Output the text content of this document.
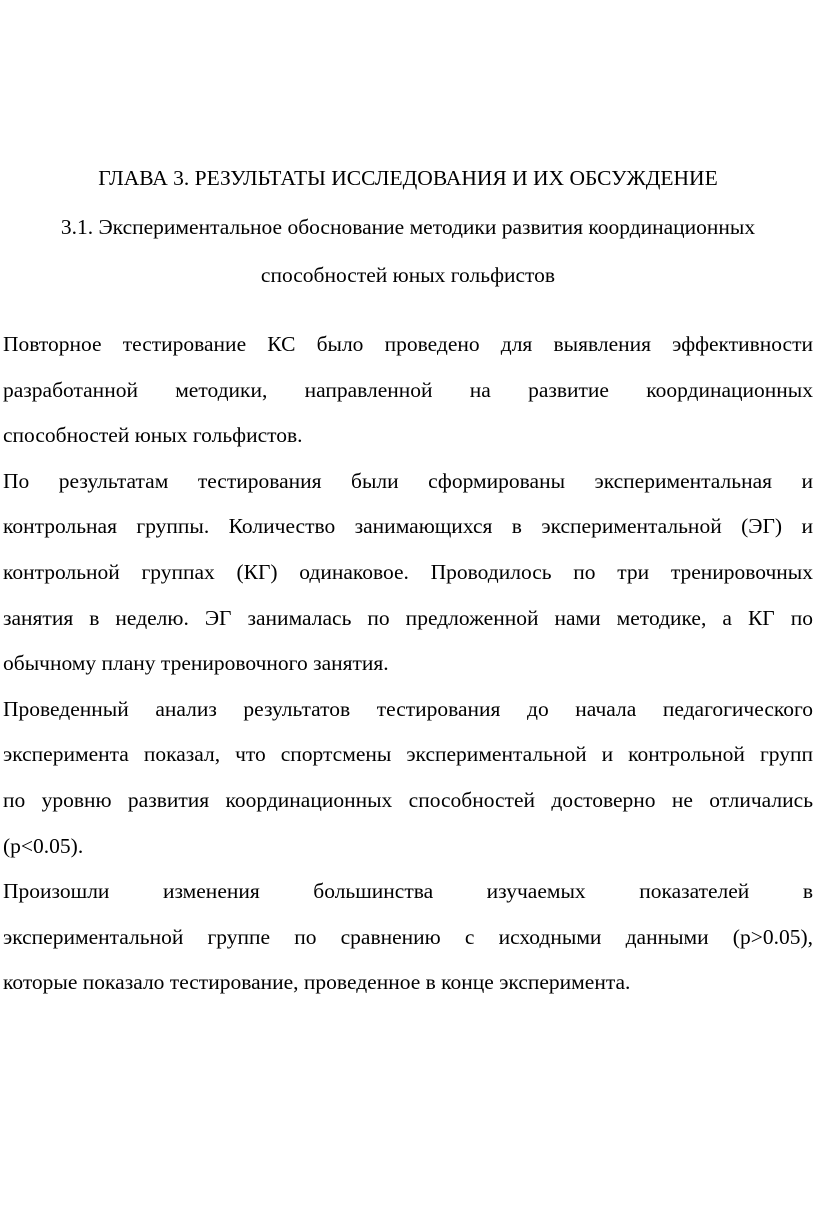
ГЛАВА 3. РЕЗУЛЬТАТЫ ИССЛЕДОВАНИЯ И ИХ ОБСУЖДЕНИЕ
3.1. Экспериментальное обоснование методики развития координационных
способностей юных гольфистов

Повторное тестирование КС было проведено для выявления эффективности
разработанной методики, направленной на развитие координационных
способностей юных гольфистов.

По результатам тестирования были сформированы экспериментальная и
контрольная группы. Количество занимающихся в экспериментальной (ЭГ) и
контрольной группах (КГ) одинаковое. Проводилось по три тренировочных
занятия в неделю. ЭГ занималась по предложенной нами методике, а КГ по
обычному плану тренировочного занятия.

Проведенный анализ результатов тестирования до начала педагогического
эксперимента показал, что спортсмены экспериментальной и контрольной групп
по уровню развития координационных способностей достоверно не отличались
(p<0.05).

Произошли изменения большинства изучаемых показателей в
экспериментальной группе по сравнению с исходными данными (p>0.05),
которые показало тестирование, проведенное в конце эксперимента.
